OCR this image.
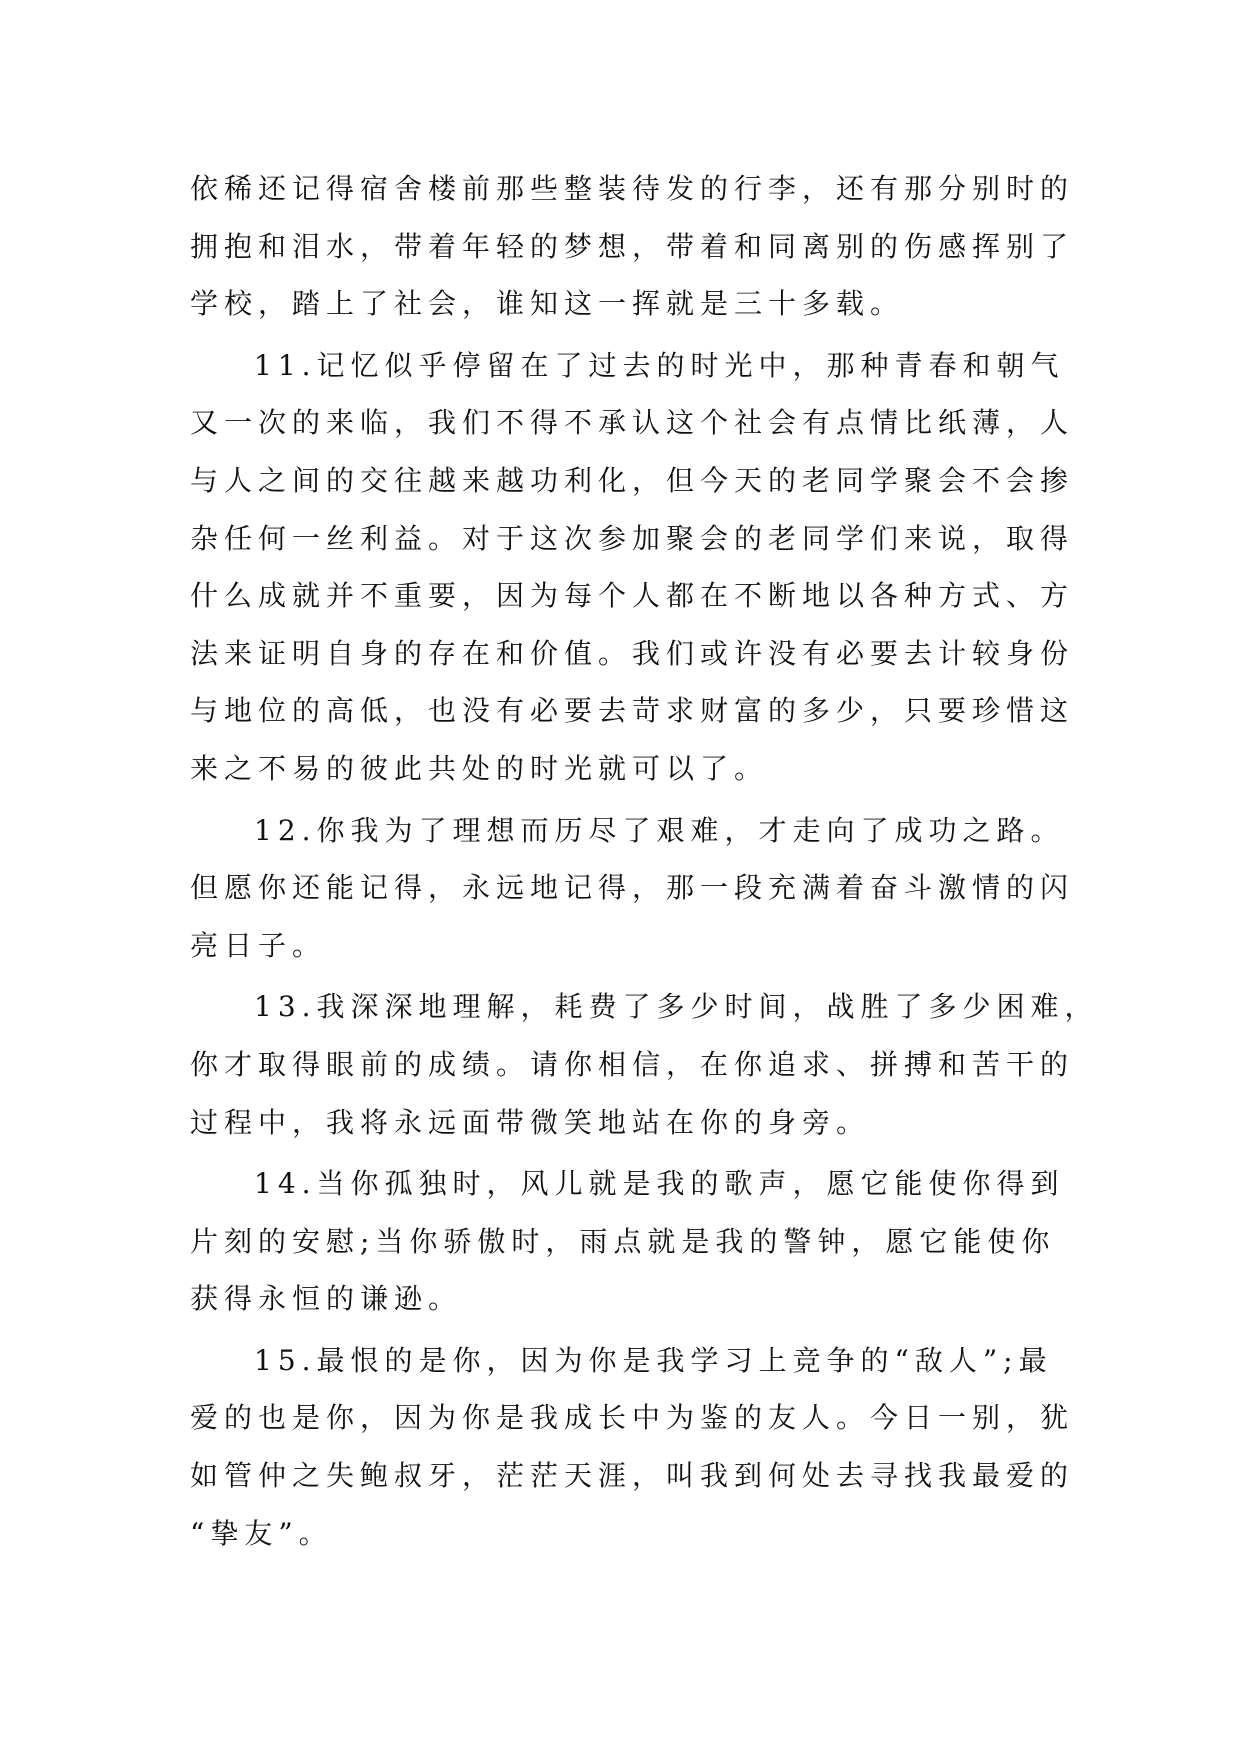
依稀还记得宿舍楼前那些整装待发的行李，还有那分别时的
拥抱和泪水，带着年轻的梦想，带着和同离别的伤感挥别了
学校，踏上了社会，谁知这一挥就是三十多载。
11.记忆似乎停留在了过去的时光中，那种青春和朝气
又一次的来临，我们不得不承认这个社会有点情比纸薄，人
与人之间的交往越来越功利化，但今天的老同学聚会不会掺
杂任何一丝利益。对于这次参加聚会的老同学们来说，取得
什么成就并不重要，因为每个人都在不断地以各种方式、方
法来证明自身的存在和价值。我们或许没有必要去计较身份
与地位的高低，也没有必要去苛求财富的多少，只要珍惜这
来之不易的彼此共处的时光就可以了。
12.你我为了理想而历尽了艰难，才走向了成功之路。
但愿你还能记得，永远地记得，那一段充满着奋斗激情的闪
亮日子。
13.我深深地理解，耗费了多少时间，战胜了多少困难，
你才取得眼前的成绩。请你相信，在你追求、拼搏和苦干的
过程中，我将永远面带微笑地站在你的身旁。
14.当你孤独时，风儿就是我的歌声，愿它能使你得到
片刻的安慰;当你骄傲时，雨点就是我的警钟，愿它能使你
获得永恒的谦逊。
15.最恨的是你，因为你是我学习上竞争的“敌人”;最
爱的也是你，因为你是我成长中为鉴的友人。今日一别，犹
如管仲之失鲍叔牙，茫茫天涯，叫我到何处去寻找我最爱的
“挚友”。
